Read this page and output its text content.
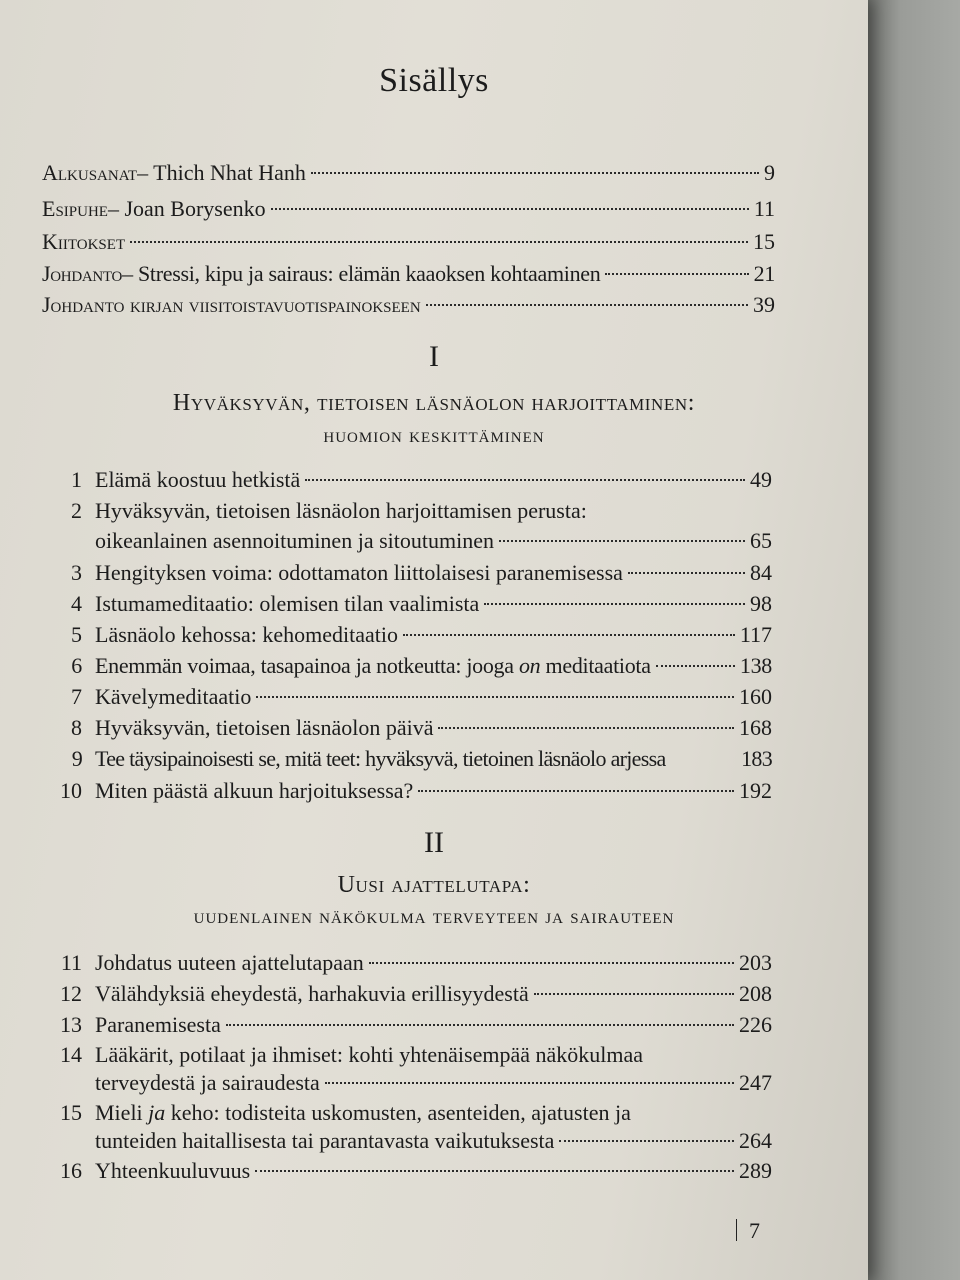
Sisällys
Alkusanat – Thich Nhat Hanh	9
Esipuhe – Joan Borysenko	11
Kiitokset	15
Johdanto – Stressi, kipu ja sairaus: elämän kaaoksen kohtaaminen	21
Johdanto kirjan viisitoistavuotispainokseen	39
I
Hyväksyvän, tietoisen läsnäolon harjoittaminen:
huomion keskittäminen
1 Elämä koostuu hetkistä	49
2 Hyväksyvän, tietoisen läsnäolon harjoittamisen perusta:
oikeanlainen asennoituminen ja sitoutuminen	65
3 Hengityksen voima: odottamaton liittolaisesi paranemisessa	84
4 Istumameditaatio: olemisen tilan vaalimista	98
5 Läsnäolo kehossa: kehomeditaatio	117
6 Enemmän voimaa, tasapainoa ja notkeutta: jooga on meditaatiota	138
7 Kävelymeditaatio	160
8 Hyväksyvän, tietoisen läsnäolon päivä	168
9 Tee täysipainoisesti se, mitä teet: hyväksyvä, tietoinen läsnäolo arjessa	183
10 Miten päästä alkuun harjoituksessa?	192
II
Uusi ajattelutapa:
uudenlainen näkökulma terveyteen ja sairauteen
11 Johdatus uuteen ajattelutapaan	203
12 Välähdyksiä eheydestä, harhakuvia erillisyydestä	208
13 Paranemisesta	226
14 Lääkärit, potilaat ja ihmiset: kohti yhtenäisempää näkökulmaa
terveydestä ja sairaudesta	247
15 Mieli ja keho: todisteita uskomusten, asenteiden, ajatusten ja
tunteiden haitallisesta tai parantavasta vaikutuksesta	264
16 Yhteenkuuluvuus	289
7
